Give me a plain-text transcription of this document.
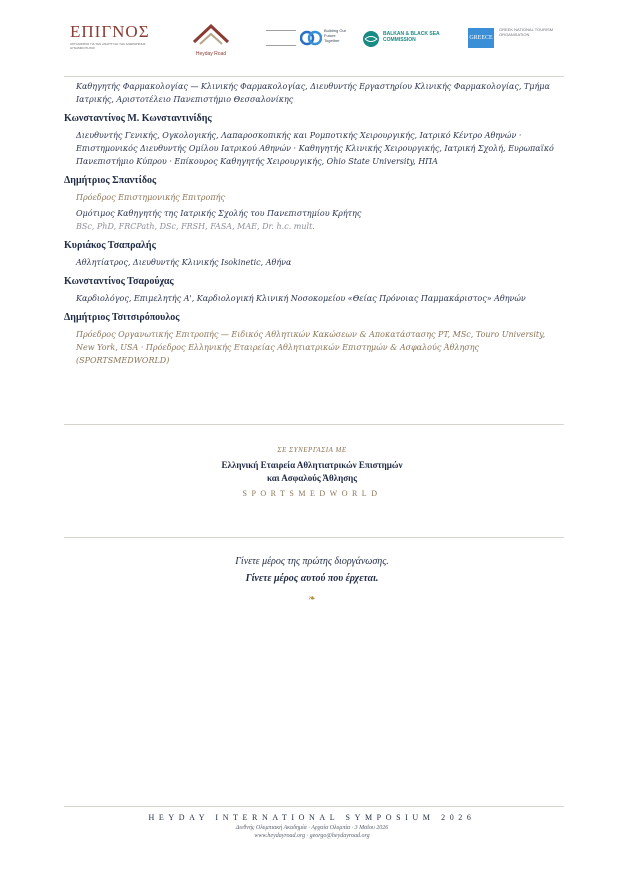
ΕΠΙΓΝΟΣ
ΟΡΓΑΝΙΣΜΟΣ ΓΙΑ ΤΗΝ ΑΝΑΠΤΥΞΗ ΤΗΣ ΑΝΘΡΩΠΙΝΗΣ ΔΥΝΑΜΙΚΟΤΗΤΑΣ
Heyday Road
Building Our Future Together
BALKAN & BLACK SEA COMMISSION	GREECE
GREEK NATIONAL TOURISM ORGANISATION
Καθηγητής Φαρμακολογίας — Κλινικής Φαρμακολογίας, Διευθυντής Εργαστηρίου Κλινικής Φαρμακολογίας, Τμήμα Ιατρικής, Αριστοτέλειο Πανεπιστήμιο Θεσσαλονίκης
Κωνσταντίνος Μ. Κωνσταντινίδης
Διευθυντής Γενικής, Ογκολογικής, Λαπαροσκοπικής και Ρομποτικής Χειρουργικής, Ιατρικό Κέντρο Αθηνών · Επιστημονικός Διευθυντής Ομίλου Ιατρικού Αθηνών · Καθηγητής Κλινικής Χειρουργικής, Ιατρική Σχολή, Ευρωπαϊκό Πανεπιστήμιο Κύπρου · Επίκουρος Καθηγητής Χειρουργικής, Ohio State University, ΗΠΑ
Δημήτριος Σπαντίδος
Πρόεδρος Επιστημονικής Επιτροπής
Ομότιμος Καθηγητής της Ιατρικής Σχολής του Πανεπιστημίου Κρήτης
BSc, PhD, FRCPath, DSc, FRSH, FASA, MAE, Dr. h.c. mult.
Κυριάκος Τσαπραλής
Αθλητίατρος, Διευθυντής Κλινικής Isokinetic, Αθήνα
Κωνσταντίνος Τσαρούχας
Καρδιολόγος, Επιμελητής Α', Καρδιολογική Κλινική Νοσοκομείου «Θείας Πρόνοιας Παμμακάριστος» Αθηνών
Δημήτριος Τσιτσιρόπουλος
Πρόεδρος Οργανωτικής Επιτροπής — Ειδικός Αθλητικών Κακώσεων & Αποκατάστασης PT, MSc, Touro University, New York, USA · Πρόεδρος Ελληνικής Εταιρείας Αθλητιατρικών Επιστημών & Ασφαλούς Άθλησης (SPORTSMEDWORLD)
ΣΕ ΣΥΝΕΡΓΑΣΙΑ ΜΕ
Ελληνική Εταιρεία Αθλητιατρικών Επιστημών
και Ασφαλούς Άθλησης
SPORTSMEDWORLD
Γίνετε μέρος της πρώτης διοργάνωσης.
Γίνετε μέρος αυτού που έρχεται.
❧
HEYDAY INTERNATIONAL SYMPOSIUM 2026
Διεθνής Ολυμπιακή Ακαδημία · Αρχαία Ολυμπία · 3 Μαΐου 2026
www.heydayroad.org · georgo@heydayroad.org
